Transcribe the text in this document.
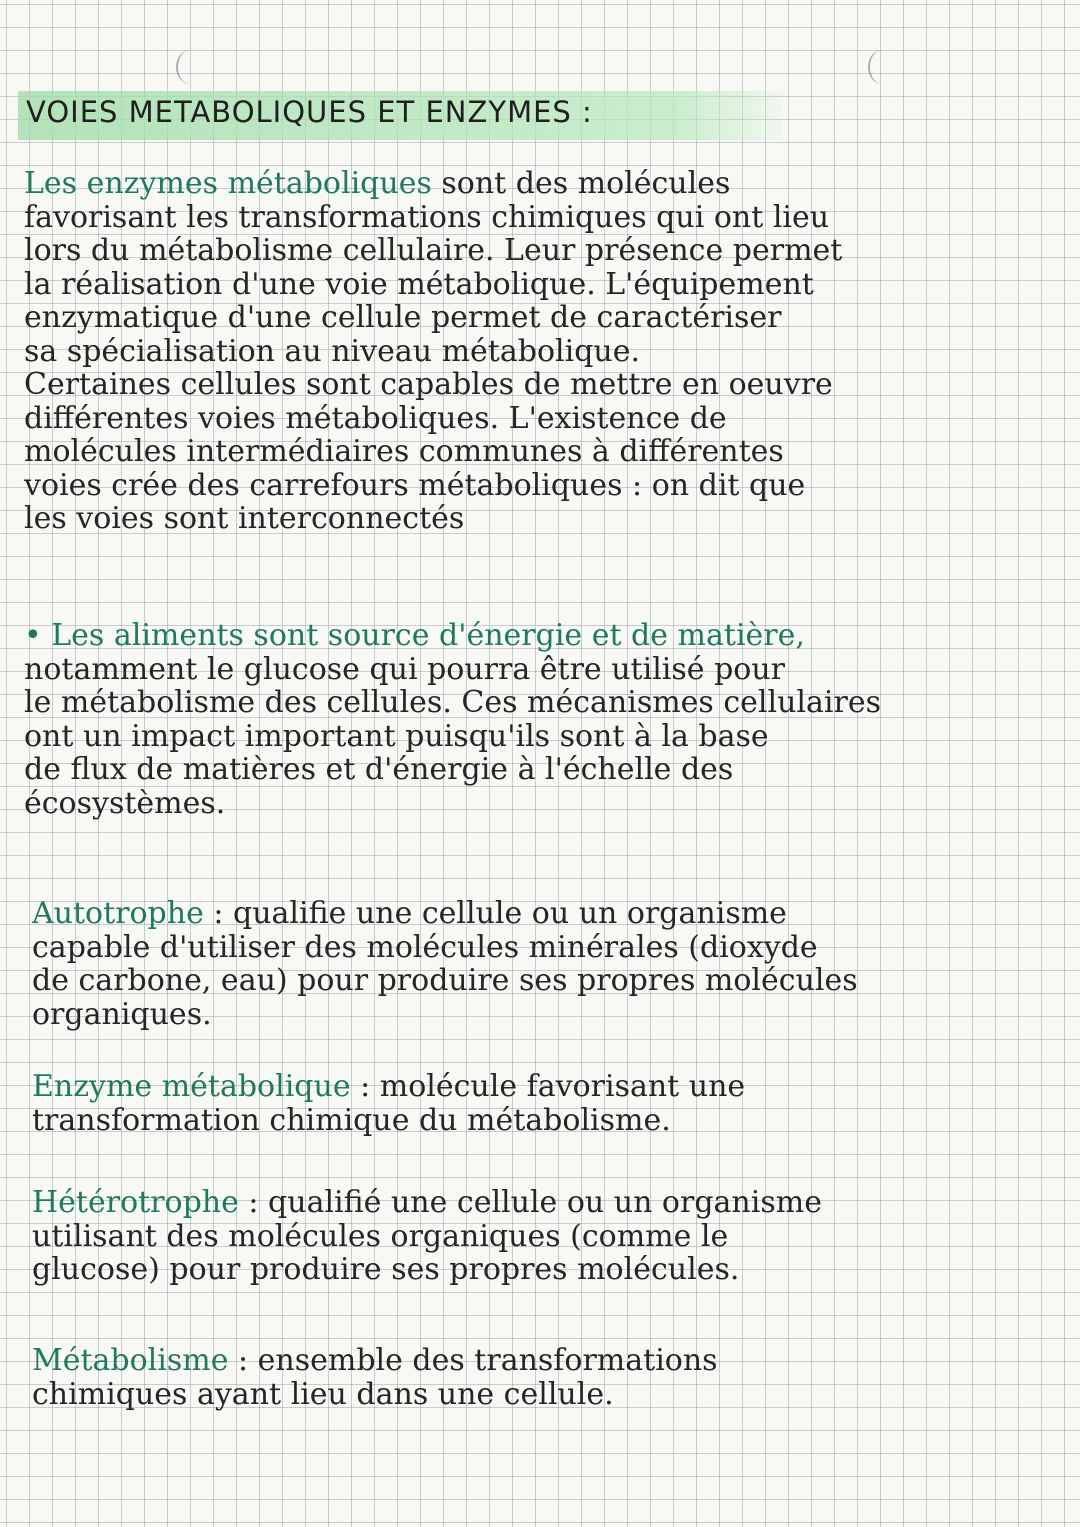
VOIES METABOLIQUES ET ENZYMES :

Les enzymes métaboliques sont des molécules
favorisant les transformations chimiques qui ont lieu
lors du métabolisme cellulaire. Leur présence permet
la réalisation d'une voie métabolique. L'équipement
enzymatique d'une cellule permet de caractériser
sa spécialisation au niveau métabolique.
Certaines cellules sont capables de mettre en oeuvre
différentes voies métaboliques. L'existence de
molécules intermédiaires communes à différentes
voies crée des carrefours métaboliques : on dit que
les voies sont interconnectés

• Les aliments sont source d'énergie et de matière,
notamment le glucose qui pourra être utilisé pour
le métabolisme des cellules. Ces mécanismes cellulaires
ont un impact important puisqu'ils sont à la base
de flux de matières et d'énergie à l'échelle des
écosystèmes.

Autotrophe : qualifie une cellule ou un organisme
capable d'utiliser des molécules minérales (dioxyde
de carbone, eau) pour produire ses propres molécules
organiques.

Enzyme métabolique : molécule favorisant une
transformation chimique du métabolisme.

Hétérotrophe : qualifié une cellule ou un organisme
utilisant des molécules organiques (comme le
glucose) pour produire ses propres molécules.

Métabolisme : ensemble des transformations
chimiques ayant lieu dans une cellule.
